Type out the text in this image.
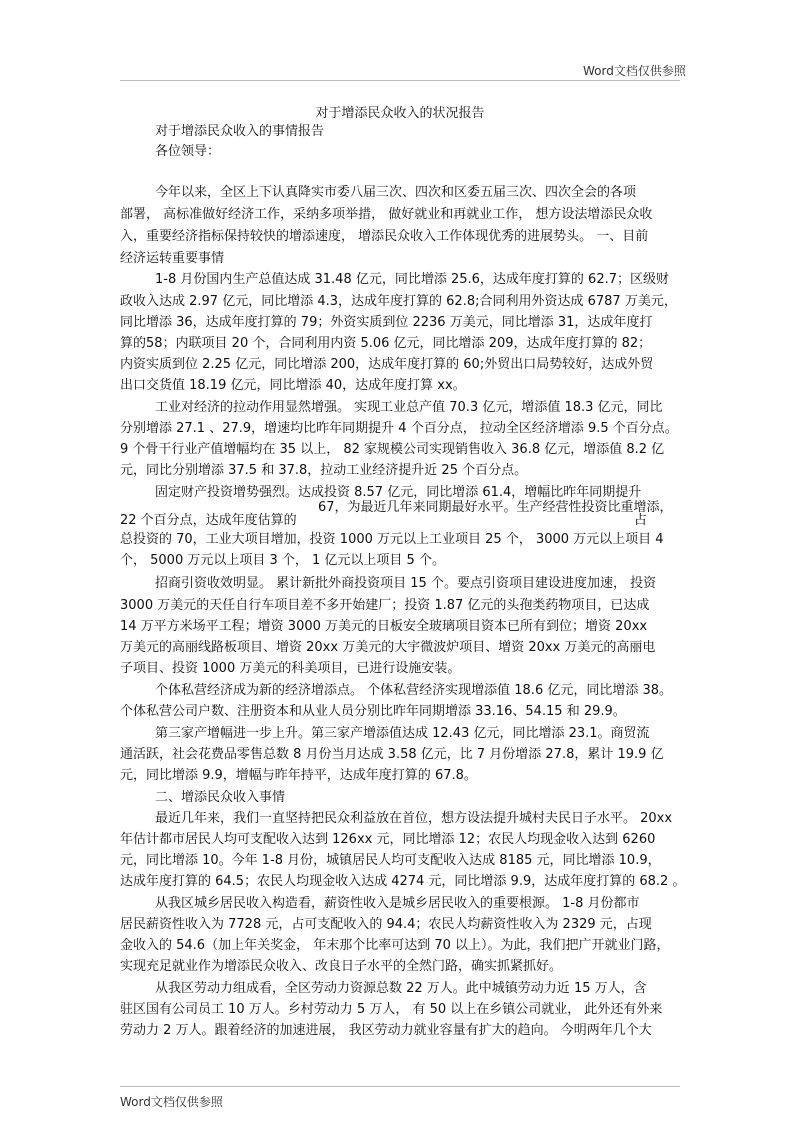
Word文档仅供参照
对于增添民众收入的状况报告
对于增添民众收入的事情报告
各位领导：
今年以来，全区上下认真降实市委八届三次、四次和区委五届三次、四次全会的各项
部署， 高标准做好经济工作，采纳多项举措， 做好就业和再就业工作， 想方设法增添民众收
入，重要经济指标保持较快的增添速度， 增添民众收入工作体现优秀的进展势头。 一、目前
经济运转重要事情
1-8 月份国内生产总值达成 31.48 亿元，同比增添 25.6，达成年度打算的 62.7；区级财
政收入达成 2.97 亿元，同比增添 4.3，达成年度打算的 62.8;合同利用外资达成 6787 万美元，
同比增添 36，达成年度打算的 79；外资实质到位 2236 万美元，同比增添 31，达成年度打
算的58；内联项目 20 个，合同利用内资 5.06 亿元，同比增添 209，达成年度打算的 82；
内资实质到位 2.25 亿元，同比增添 200，达成年度打算的 60;外贸出口局势较好，达成外贸
出口交货值 18.19 亿元，同比增添 40，达成年度打算 xx。
工业对经济的拉动作用显然增强。 实现工业总产值 70.3 亿元，增添值 18.3 亿元，同比
分别增添 27.1 、27.9，增速均比昨年同期提升 4 个百分点， 拉动全区经济增添 9.5 个百分点。
9 个骨干行业产值增幅均在 35 以上， 82 家规模公司实现销售收入 36.8 亿元，增添值 8.2 亿
元，同比分别增添 37.5 和 37.8，拉动工业经济提升近 25 个百分点。
固定财产投资增势强烈。达成投资 8.57 亿元，同比增添 61.4，增幅比昨年同期提升
67，为最近几年来同期最好水平。生产经营性投资比重增添，
22 个百分点，达成年度估算的	占
总投资的 70，工业大项目增加，投资 1000 万元以上工业项目 25 个， 3000 万元以上项目 4
个， 5000 万元以上项目 3 个， 1 亿元以上项目 5 个。
招商引资收效明显。 累计新批外商投资项目 15 个。要点引资项目建设进度加速， 投资
3000 万美元的天任自行车项目差不多开始建厂；投资 1.87 亿元的头孢类药物项目，已达成
14 万平方米场平工程；增资 3000 万美元的日板安全玻璃项目资本已所有到位；增资 20xx
万美元的高丽线路板项目、增资 20xx 万美元的大宇微波炉项目、增资 20xx 万美元的高丽电
子项目、投资 1000 万美元的科美项目，已进行设施安装。
个体私营经济成为新的经济增添点。 个体私营经济实现增添值 18.6 亿元，同比增添 38。
个体私营公司户数、注册资本和从业人员分别比昨年同期增添 33.16、54.15 和 29.9。
第三家产增幅进一步上升。第三家产增添值达成 12.43 亿元，同比增添 23.1。商贸流
通活跃，社会花费品零售总数 8 月份当月达成 3.58 亿元，比 7 月份增添 27.8，累计 19.9 亿
元，同比增添 9.9，增幅与昨年持平，达成年度打算的 67.8。
二、增添民众收入事情
最近几年来，我们一直坚持把民众利益放在首位，想方设法提升城村夫民日子水平。 20xx
年估计都市居民人均可支配收入达到 126xx 元，同比增添 12；农民人均现金收入达到 6260
元，同比增添 10。今年 1-8 月份，城镇居民人均可支配收入达成 8185 元，同比增添 10.9，
达成年度打算的 64.5；农民人均现金收入达成 4274 元，同比增添 9.9，达成年度打算的 68.2 。
从我区城乡居民收入构造看，薪资性收入是城乡居民收入的重要根源。 1-8 月份都市
居民薪资性收入为 7728 元，占可支配收入的 94.4；农民人均薪资性收入为 2329 元，占现
金收入的 54.6（加上年关奖金， 年末那个比率可达到 70 以上）。为此，我们把广开就业门路，
实现充足就业作为增添民众收入、改良日子水平的全然门路，确实抓紧抓好。
从我区劳动力组成看，全区劳动力资源总数 22 万人。此中城镇劳动力近 15 万人，含
驻区国有公司员工 10 万人。乡村劳动力 5 万人， 有 50 以上在乡镇公司就业， 此外还有外来
劳动力 2 万人。跟着经济的加速进展， 我区劳动力就业容量有扩大的趋向。 今明两年几个大
Word文档仅供参照
